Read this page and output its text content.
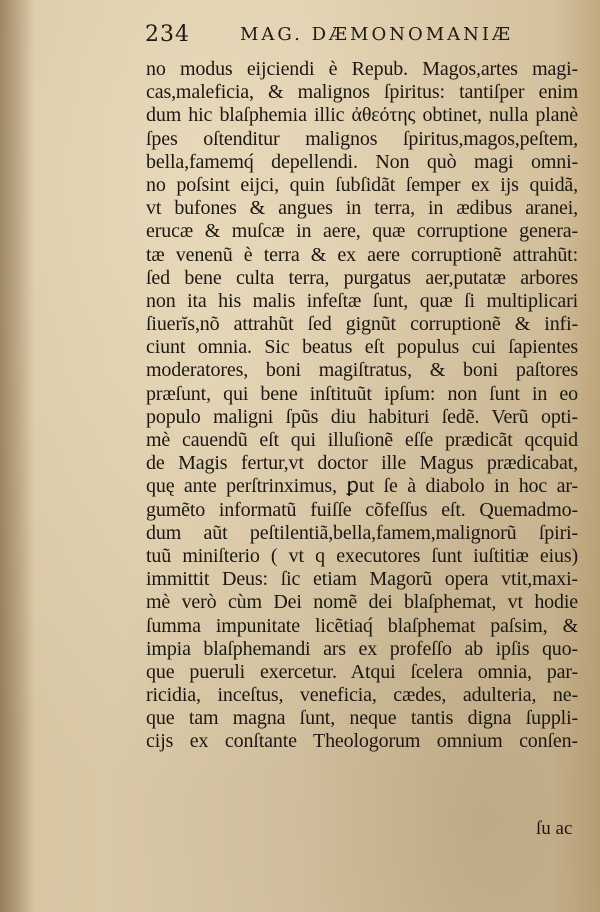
234	MAG. DÆMONOMANIÆ
no modus eĳciendi è Repub. Magos,artes magi-
cas,maleficia, & malignos ſpiritus: tantiſper enim
dum hic blaſphemia illic ἀθεότης obtinet, nulla planè
ſpes oſtenditur malignos ſpiritus,magos,peſtem,
bella,famemq́ depellendi. Non quò magi omni-
no poſsint eĳci, quin ſubſidãt ſemper ex ĳs quidã,
vt bufones & angues in terra, in ædibus aranei,
erucæ & muſcæ in aere, quæ corruptione genera-
tæ venenũ è terra & ex aere corruptionẽ attrahũt:
ſed bene culta terra, purgatus aer,putatæ arbores
non ita his malis infeſtæ ſunt, quæ ſi multiplicari
ſiuerĭs,nõ attrahũt ſed gignũt corruptionẽ & infi-
ciunt omnia. Sic beatus eſt populus cui ſapientes
moderatores, boni magiſtratus, & boni paſtores
præſunt, qui bene inſtituũt ipſum: non ſunt in eo
populo maligni ſpũs diu habituri ſedẽ. Verũ opti-
mè cauendũ eſt qui illuſionẽ eſſe prædicãt qcquid
de Magis fertur,vt doctor ille Magus prædicabat,
quę ante perſtrinximus, ꝑut ſe à diabolo in hoc ar-
gumẽto informatũ fuiſſe cõfeſſus eſt. Quemadmo-
dum aũt peſtilentiã,bella,famem,malignorũ ſpiri-
tuũ miniſterio ( vt q executores ſunt iuſtitiæ eius)
immittit Deus: ſic etiam Magorũ opera vtit,maxi-
mè verò cùm Dei nomẽ dei blaſphemat, vt hodie
ſumma impunitate licẽtiaq́ blaſphemat paſsim, &
impia blaſphemandi ars ex profeſſo ab ipſis quo-
que pueruli exercetur. Atqui ſcelera omnia, par-
ricidia, inceſtus, veneficia, cædes, adulteria, ne-
que tam magna ſunt, neque tantis digna ſuppli-
cĳs ex conſtante Theologorum omnium conſen-
ſu ac
